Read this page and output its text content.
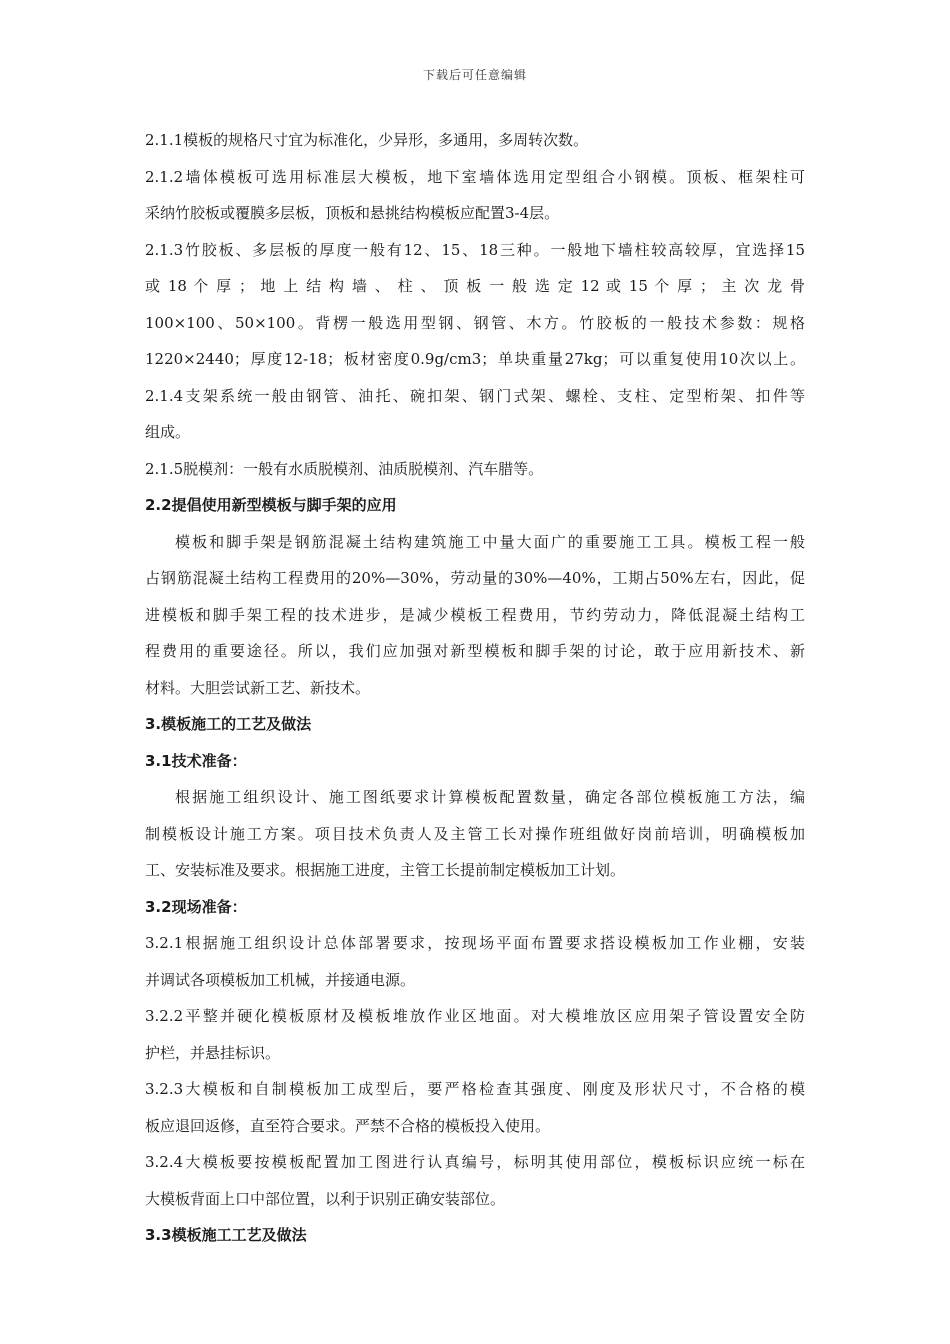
下载后可任意编辑
2.1.1模板的规格尺寸宜为标准化，少异形，多通用，多周转次数。
2.1.2墙体模板可选用标准层大模板，地下室墙体选用定型组合小钢模。顶板、框架柱可
采纳竹胶板或覆膜多层板，顶板和悬挑结构模板应配置3-4层。
2.1.3竹胶板、多层板的厚度一般有12、15、18三种。一般地下墙柱较高较厚，宜选择15
或 18 个 厚 ； 地 上 结 构 墙 、 柱 、 顶 板 一 般 选 定 12 或 15 个 厚 ； 主 次 龙 骨
100×100、50×100。背楞一般选用型钢、钢管、木方。竹胶板的一般技术参数：规格
1220×2440；厚度12-18；板材密度0.9g/cm3；单块重量27kg；可以重复使用10次以上。
2.1.4支架系统一般由钢管、油托、碗扣架、钢门式架、螺栓、支柱、定型桁架、扣件等
组成。
2.1.5脱模剂：一般有水质脱模剂、油质脱模剂、汽车腊等。
2.2提倡使用新型模板与脚手架的应用
模板和脚手架是钢筋混凝土结构建筑施工中量大面广的重要施工工具。模板工程一般
占钢筋混凝土结构工程费用的20%—30%，劳动量的30%—40%，工期占50%左右，因此，促
进模板和脚手架工程的技术进步，是减少模板工程费用，节约劳动力，降低混凝土结构工
程费用的重要途径。所以，我们应加强对新型模板和脚手架的讨论，敢于应用新技术、新
材料。大胆尝试新工艺、新技术。
3.模板施工的工艺及做法
3.1技术准备：
根据施工组织设计、施工图纸要求计算模板配置数量，确定各部位模板施工方法，编
制模板设计施工方案。项目技术负责人及主管工长对操作班组做好岗前培训，明确模板加
工、安装标准及要求。根据施工进度，主管工长提前制定模板加工计划。
3.2现场准备：
3.2.1根据施工组织设计总体部署要求，按现场平面布置要求搭设模板加工作业棚，安装
并调试各项模板加工机械，并接通电源。
3.2.2平整并硬化模板原材及模板堆放作业区地面。对大模堆放区应用架子管设置安全防
护栏，并悬挂标识。
3.2.3大模板和自制模板加工成型后，要严格检查其强度、刚度及形状尺寸，不合格的模
板应退回返修，直至符合要求。严禁不合格的模板投入使用。
3.2.4大模板要按模板配置加工图进行认真编号，标明其使用部位，模板标识应统一标在
大模板背面上口中部位置，以利于识别正确安装部位。
3.3模板施工工艺及做法
